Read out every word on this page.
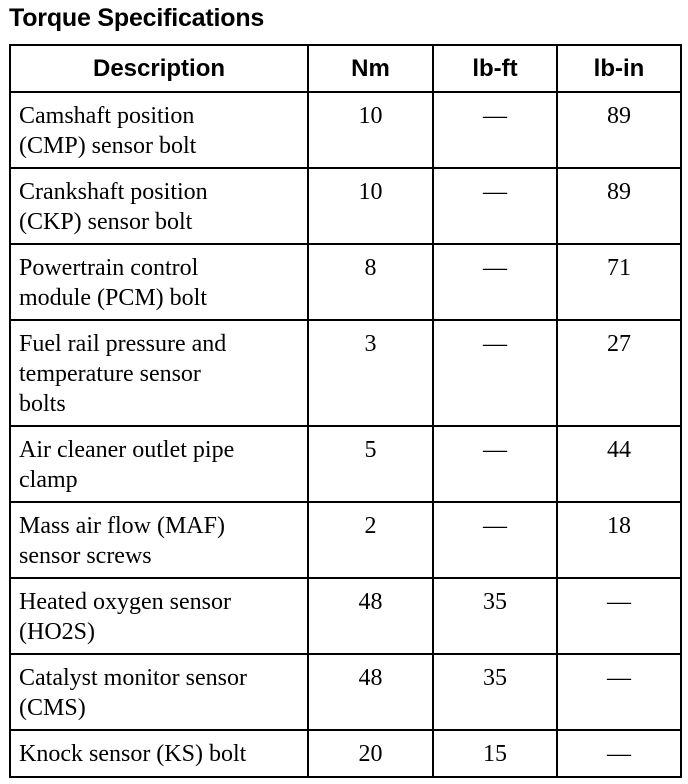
Torque Specifications
Description	Nm	lb-ft	lb-in

Camshaft position
(CMP) sensor bolt	10	—	89

Crankshaft position
(CKP) sensor bolt	10	—	89

Powertrain control
module (PCM) bolt	8	—	71

Fuel rail pressure and
temperature sensor
bolts	3	—	27

Air cleaner outlet pipe
clamp	5	—	44

Mass air flow (MAF)
sensor screws	2	—	18

Heated oxygen sensor
(HO2S)	48	35	—

Catalyst monitor sensor
(CMS)	48	35	—

Knock sensor (KS) bolt	20	15	—
